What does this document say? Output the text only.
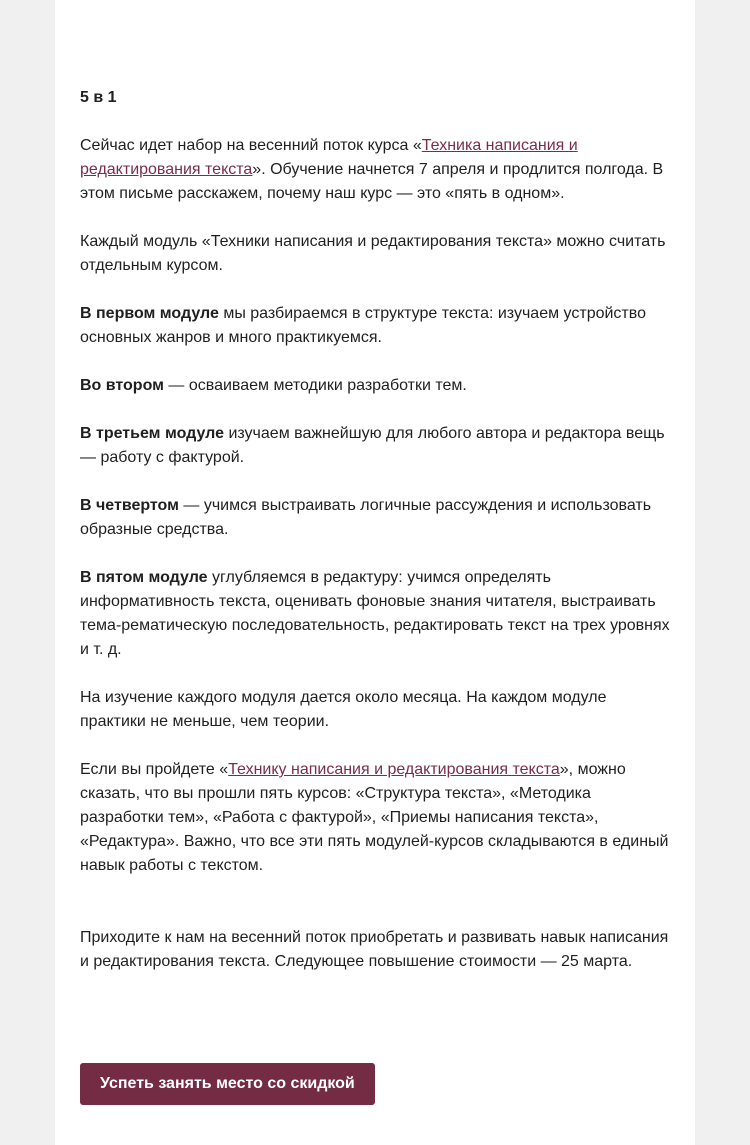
5 в 1

Сейчас идет набор на весенний поток курса «Техника написания и редактирования текста». Обучение начнется 7 апреля и продлится полгода. В этом письме расскажем, почему наш курс — это «пять в одном».

Каждый модуль «Техники написания и редактирования текста» можно считать отдельным курсом.

В первом модуле мы разбираемся в структуре текста: изучаем устройство основных жанров и много практикуемся.

Во втором — осваиваем методики разработки тем.

В третьем модуле изучаем важнейшую для любого автора и редактора вещь — работу с фактурой.

В четвертом — учимся выстраивать логичные рассуждения и использовать образные средства.

В пятом модуле углубляемся в редактуру: учимся определять информативность текста, оценивать фоновые знания читателя, выстраивать тема-рематическую последовательность, редактировать текст на трех уровнях и т. д.

На изучение каждого модуля дается около месяца. На каждом модуле практики не меньше, чем теории.

Если вы пройдете «Технику написания и редактирования текста», можно сказать, что вы прошли пять курсов: «Структура текста», «Методика разработки тем», «Работа с фактурой», «Приемы написания текста», «Редактура». Важно, что все эти пять модулей-курсов складываются в единый навык работы с текстом.

Приходите к нам на весенний поток приобретать и развивать навык написания и редактирования текста. Следующее повышение стоимости — 25 марта.

Успеть занять место со скидкой
